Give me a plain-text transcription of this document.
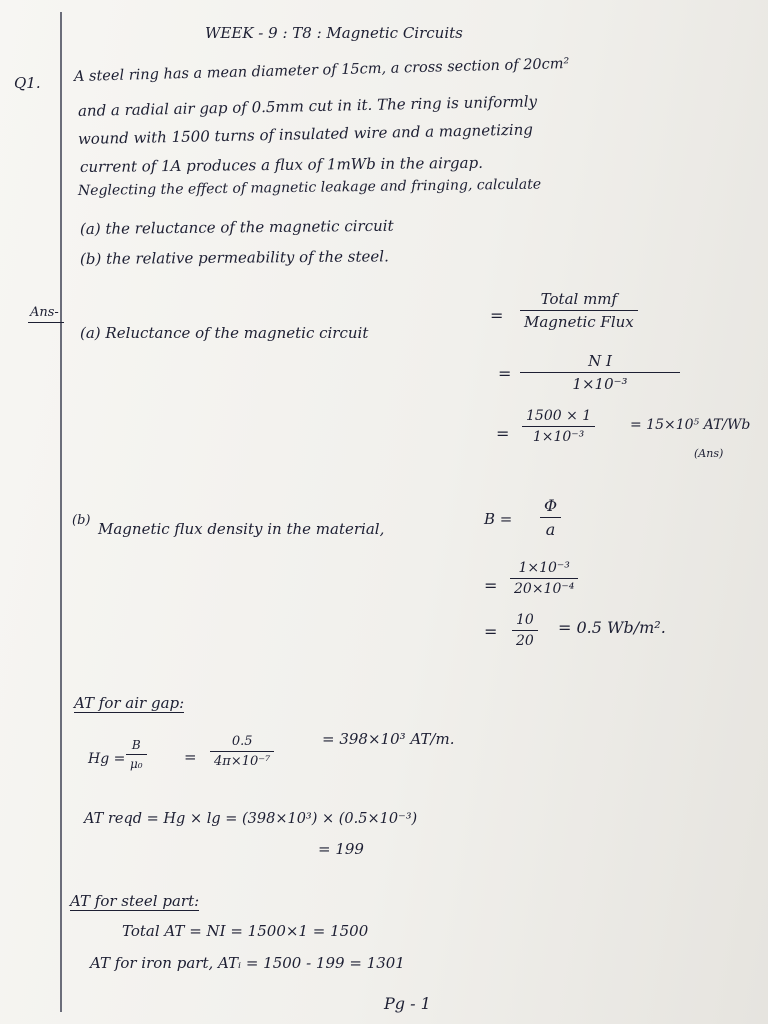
WEEK - 9 : T8 : Magnetic Circuits
Q1. A steel ring has a mean diameter of 15cm, a cross section of 20cm²
and a radial air gap of 0.5mm cut in it. The ring is uniformly
wound with 1500 turns of insulated wire and a magnetizing
current of 1A produces a flux of 1mWb in the airgap.
Neglecting the effect of magnetic leakage and fringing, calculate
(a) the reluctance of the magnetic circuit
(b) the relative permeability of the steel.
Ans-
(a) Reluctance of the magnetic circuit
=
Total mmf
Magnetic Flux
=
N I
1×10⁻³
=
1500 × 1
1×10⁻³
= 15×10⁵ AT/Wb
(Ans)
(b) Magnetic flux density in the material,
B =
Φ
a
=
1×10⁻³
20×10⁻⁴
=
10
20
= 0.5 Wb/m².
AT for air gap:
Hg =
B
μ₀	=
0.5
4π×10⁻⁷
= 398×10³ AT/m.
AT reqd = Hg × lg = (398×10³) × (0.5×10⁻³)
= 199
AT for steel part:
Total AT = NI = 1500×1 = 1500
AT for iron part, ATᵢ = 1500 - 199 = 1301
Pg - 1
